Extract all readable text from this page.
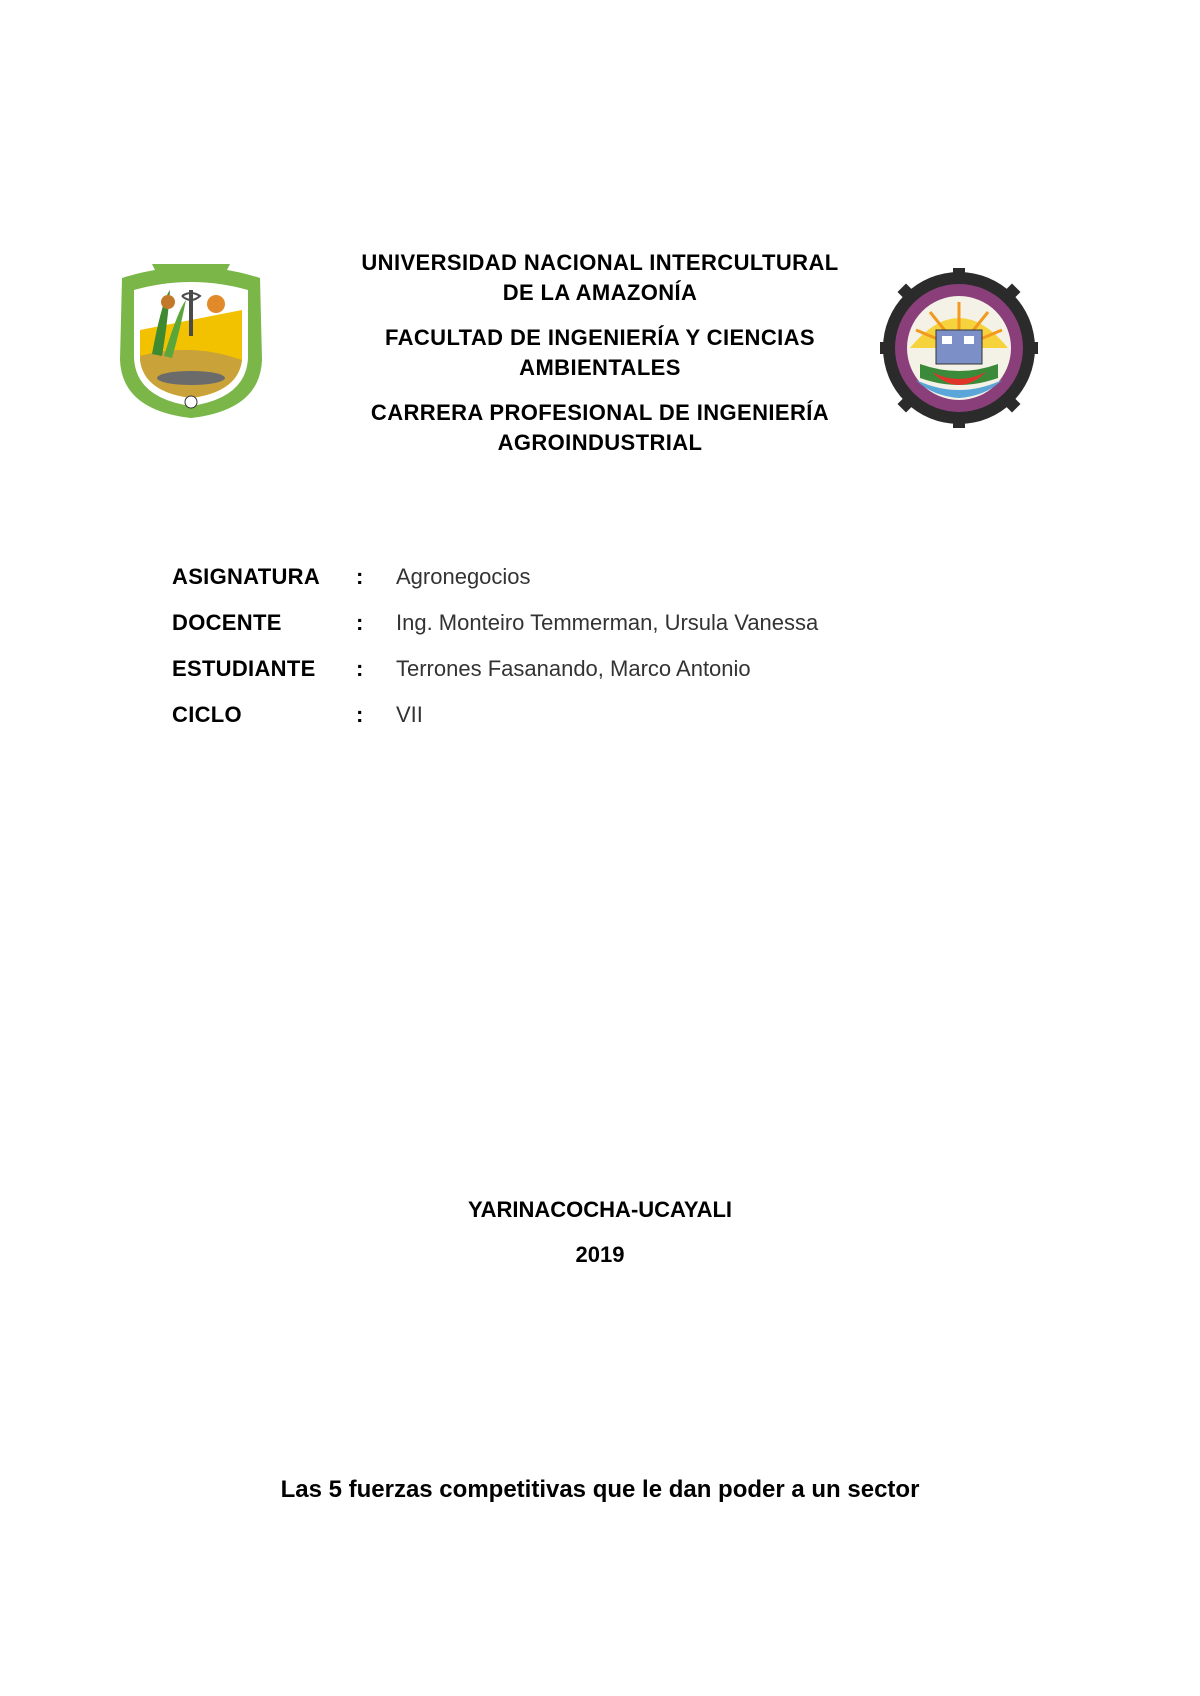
UNIVERSIDAD NACIONAL INTERCULTURAL
DE LA AMAZONÍA
FACULTAD DE INGENIERÍA Y CIENCIAS
AMBIENTALES
CARRERA PROFESIONAL DE INGENIERÍA
AGROINDUSTRIAL
ASIGNATURA : Agronegocios
DOCENTE	: Ing. Monteiro Temmerman, Ursula Vanessa
ESTUDIANTE : Terrones Fasanando, Marco Antonio
CICLO	: VII
YARINACOCHA-UCAYALI
2019
Las 5 fuerzas competitivas que le dan poder a un sector
